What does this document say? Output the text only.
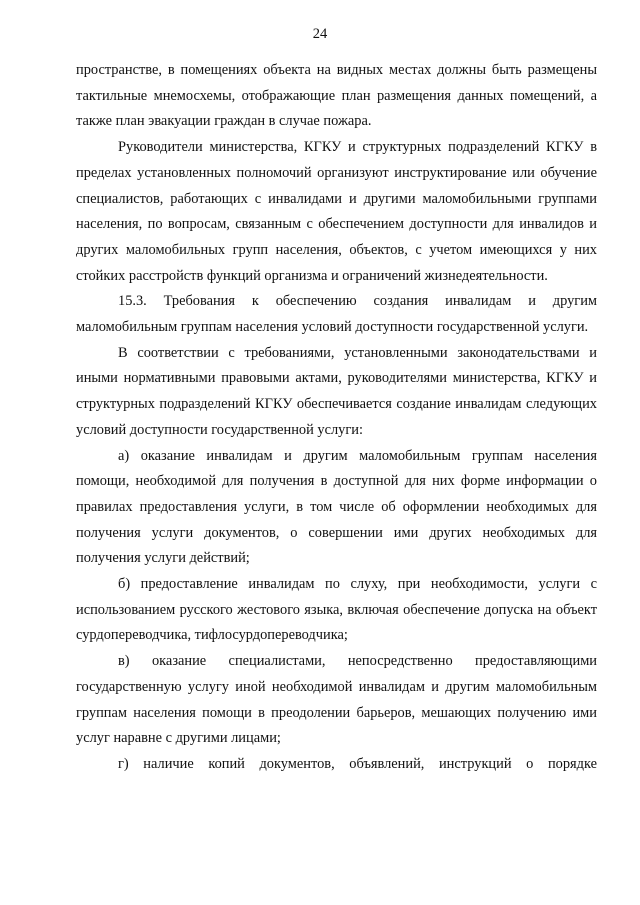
24

пространстве, в помещениях объекта на видных местах должны быть размещены тактильные мнемосхемы, отображающие план размещения данных помещений, а также план эвакуации граждан в случае пожара.

Руководители министерства, КГКУ и структурных подразделений КГКУ в пределах установленных полномочий организуют инструктирование или обучение специалистов, работающих с инвалидами и другими маломобильными группами населения, по вопросам, связанным с обеспечением доступности для инвалидов и других маломобильных групп населения, объектов, с учетом имеющихся у них стойких расстройств функций организма и ограничений жизнедеятельности.

15.3. Требования к обеспечению создания инвалидам и другим маломобильным группам населения условий доступности государственной услуги.

В соответствии с требованиями, установленными законодательствами и иными нормативными правовыми актами, руководителями министерства, КГКУ и структурных подразделений КГКУ обеспечивается создание инвалидам следующих условий доступности государственной услуги:

а) оказание инвалидам и другим маломобильным группам населения помощи, необходимой для получения в доступной для них форме информации о правилах предоставления услуги, в том числе об оформлении необходимых для получения услуги документов, о совершении ими других необходимых для получения услуги действий;

б) предоставление инвалидам по слуху, при необходимости, услуги с использованием русского жестового языка, включая обеспечение допуска на объект сурдопереводчика, тифлосурдопереводчика;

в) оказание специалистами, непосредственно предоставляющими государственную услугу иной необходимой инвалидам и другим маломобильным группам населения помощи в преодолении барьеров, мешающих получению ими услуг наравне с другими лицами;

г) наличие копий документов, объявлений, инструкций о порядке
